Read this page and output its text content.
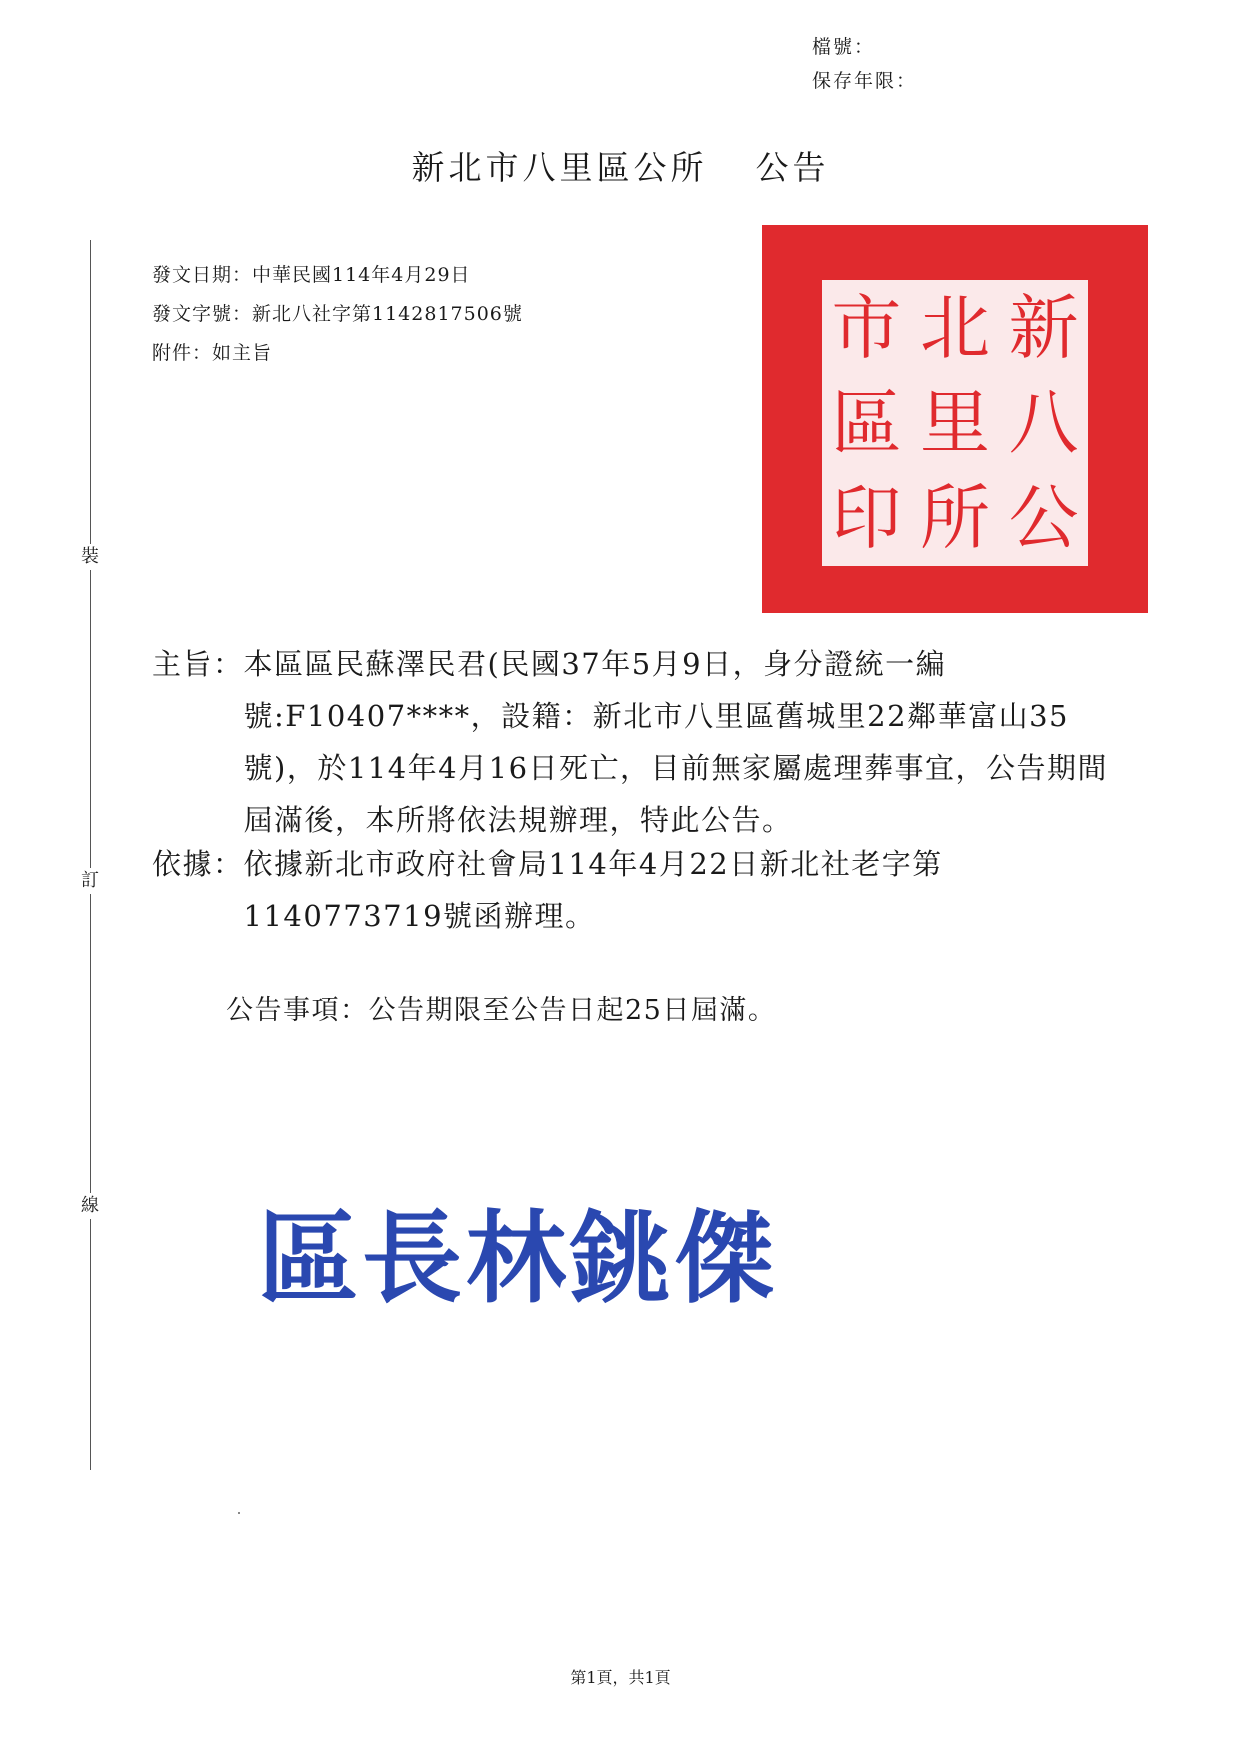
檔號：
保存年限：
新北市八里區公所 公告
裝
訂
線
發文日期：中華民國114年4月29日
發文字號：新北八社字第1142817506號
附件：如主旨	市 北 新
區 里 八
印 所 公
主旨： 本區區民蘇澤民君(民國37年5月9日，身分證統一編號:F10407****，設籍：新北市八里區舊城里22鄰華富山35號)，於114年4月16日死亡，目前無家屬處理葬事宜，公告期間屆滿後，本所將依法規辦理，特此公告。
依據： 依據新北市政府社會局114年4月22日新北社老字第1140773719號函辦理。
公告事項：公告期限至公告日起25日屆滿。
區長林銚傑
第1頁，共1頁
